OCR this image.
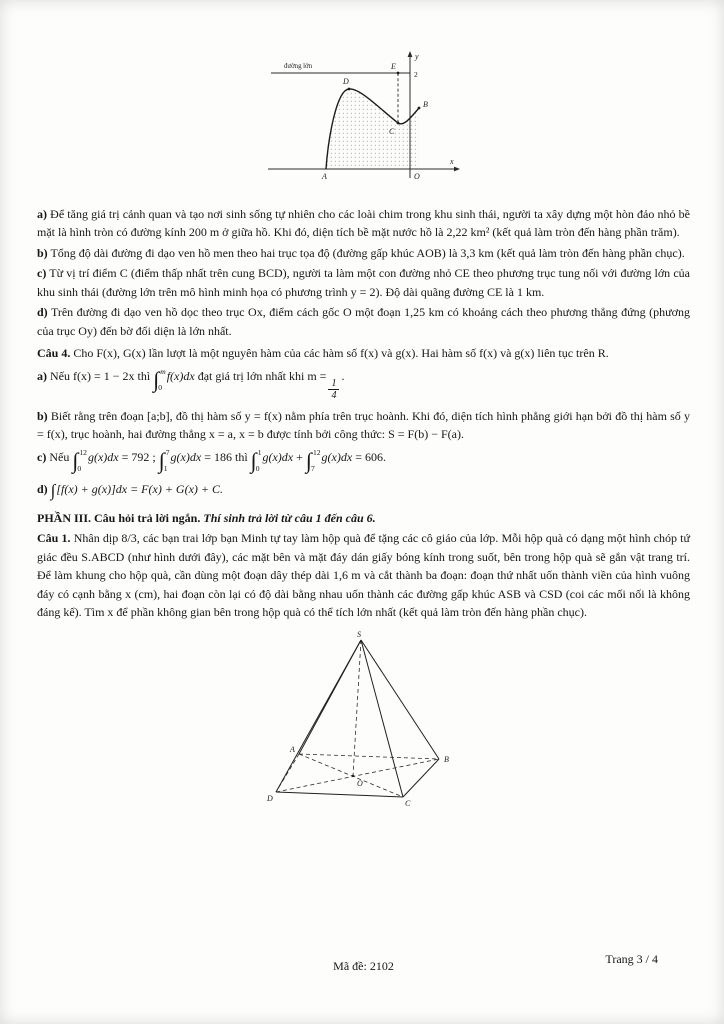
đường lớn
y
2
x
O
A
D
E
C
B

a) Để tăng giá trị cảnh quan và tạo nơi sinh sống tự nhiên cho các loài chim trong khu sinh thái, người ta xây dựng một hòn đảo nhỏ bề mặt là hình tròn có đường kính 200 m ở giữa hồ. Khi đó, diện tích bề mặt nước hồ là 2,22 km² (kết quả làm tròn đến hàng phần trăm).

b) Tổng độ dài đường đi dạo ven hồ men theo hai trục tọa độ (đường gấp khúc AOB) là 3,3 km (kết quả làm tròn đến hàng phần chục).

c) Từ vị trí điểm C (điểm thấp nhất trên cung BCD), người ta làm một con đường nhỏ CE theo phương trục tung nối với đường lớn của khu sinh thái (đường lớn trên mô hình minh họa có phương trình y = 2). Độ dài quãng đường CE là 1 km.

d) Trên đường đi dạo ven hồ dọc theo trục Ox, điểm cách gốc O một đoạn 1,25 km có khoảng cách theo phương thẳng đứng (phương của trục Oy) đến bờ đối diện là lớn nhất.

Câu 4. Cho F(x), G(x) lần lượt là một nguyên hàm của các hàm số f(x) và g(x). Hai hàm số f(x) và g(x) liên tục trên R.

a) Nếu f(x) = 1 − 2x thì ∫ m
0
f(x)dx đạt giá trị lớn nhất khi m =
$\frac{1}{4}$
.

b) Biết rằng trên đoạn [a;b], đồ thị hàm số y = f(x) nằm phía trên trục hoành. Khi đó, diện tích hình phẳng giới hạn bởi đồ thị hàm số y = f(x), trục hoành, hai đường thẳng x = a, x = b được tính bởi công thức: S = F(b) − F(a).

c) Nếu ∫ 12
0
g(x)dx = 792 ; ∫ 7
1
g(x)dx = 186 thì ∫ 1
0
g(x)dx + ∫ 12
7
g(x)dx = 606.

d) ∫[f(x) + g(x)]dx = F(x) + G(x) + C.

PHẦN III. Câu hỏi trả lời ngắn. Thí sinh trả lời từ câu 1 đến câu 6.

Câu 1. Nhân dịp 8/3, các bạn trai lớp bạn Minh tự tay làm hộp quà để tặng các cô giáo của lớp. Mỗi hộp quà có dạng một hình chóp tứ giác đều S.ABCD (như hình dưới đây), các mặt bên và mặt đáy dán giấy bóng kính trong suốt, bên trong hộp quà sẽ gắn vật trang trí. Để làm khung cho hộp quà, cần dùng một đoạn dây thép dài 1,6 m và cắt thành ba đoạn: đoạn thứ nhất uốn thành viền của hình vuông đáy có cạnh bằng x (cm), hai đoạn còn lại có độ dài bằng nhau uốn thành các đường gấp khúc ASB và CSD (coi các mối nối là không đáng kể). Tìm x để phần không gian bên trong hộp quà có thể tích lớn nhất (kết quả làm tròn đến hàng phần chục).

S
A
B
C
D
O
Mã đề: 2102	Trang 3 / 4
